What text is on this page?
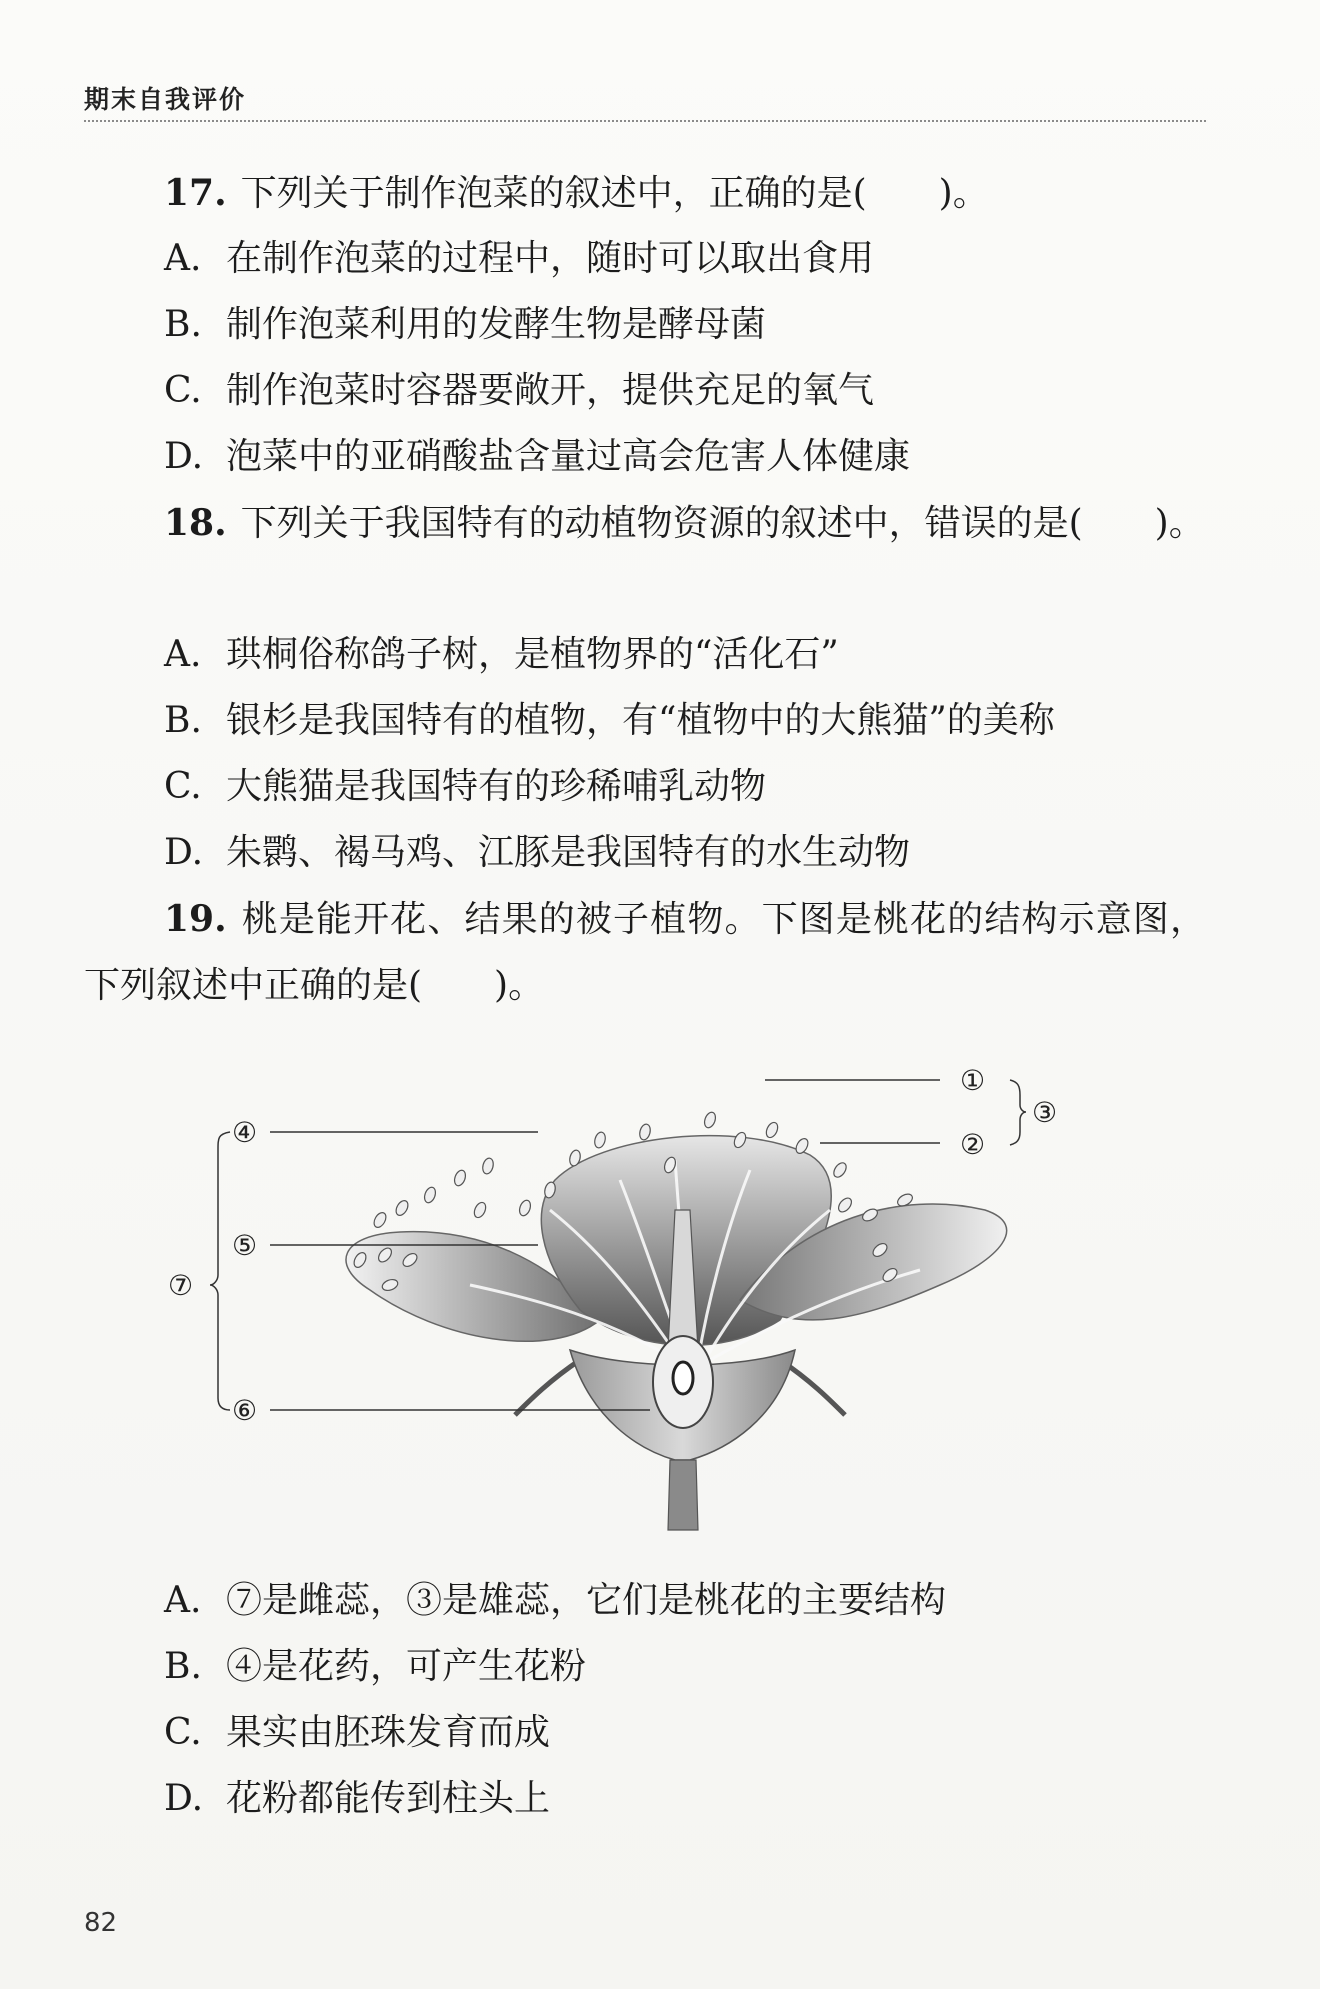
期末自我评价
17. 下列关于制作泡菜的叙述中，正确的是(　　)。
A. 在制作泡菜的过程中，随时可以取出食用
B. 制作泡菜利用的发酵生物是酵母菌
C. 制作泡菜时容器要敞开，提供充足的氧气
D. 泡菜中的亚硝酸盐含量过高会危害人体健康
18. 下列关于我国特有的动植物资源的叙述中，错误的是(　　)。
A. 珙桐俗称鸽子树，是植物界的“活化石”
B. 银杉是我国特有的植物，有“植物中的大熊猫”的美称
C. 大熊猫是我国特有的珍稀哺乳动物
D. 朱鹮、褐马鸡、江豚是我国特有的水生动物
19. 桃是能开花、结果的被子植物。下图是桃花的结构示意图，下列叙述中正确的是(　　)。
④
⑤
⑥
⑦
①
②
③
A. ⑦是雌蕊，③是雄蕊，它们是桃花的主要结构
B. ④是花药，可产生花粉
C. 果实由胚珠发育而成
D. 花粉都能传到柱头上
82
